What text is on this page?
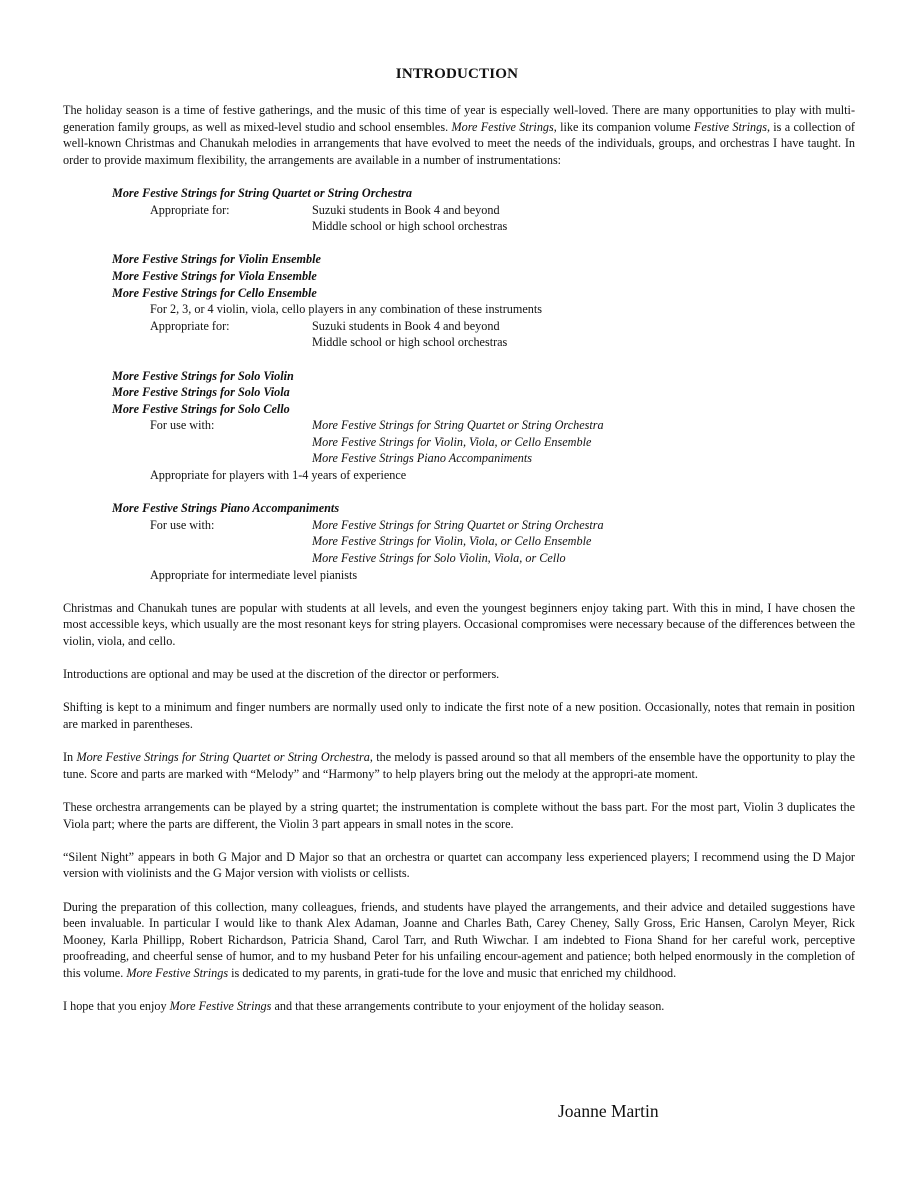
INTRODUCTION

The holiday season is a time of festive gatherings, and the music of this time of year is especially well-loved. There are many opportunities to play with multi-generation family groups, as well as mixed-level studio and school ensembles. More Festive Strings, like its companion volume Festive Strings, is a collection of well-known Christmas and Chanukah melodies in arrangements that have evolved to meet the needs of the individuals, groups, and orchestras I have taught. In order to provide maximum flexibility, the arrangements are available in a number of instrumentations:

More Festive Strings for String Quartet or String Orchestra
Appropriate for:	Suzuki students in Book 4 and beyond
Middle school or high school orchestras
More Festive Strings for Violin Ensemble
More Festive Strings for Viola Ensemble
More Festive Strings for Cello Ensemble
For 2, 3, or 4 violin, viola, cello players in any combination of these instruments
Appropriate for:	Suzuki students in Book 4 and beyond
Middle school or high school orchestras
More Festive Strings for Solo Violin
More Festive Strings for Solo Viola
More Festive Strings for Solo Cello
For use with:	More Festive Strings for String Quartet or String Orchestra
More Festive Strings for Violin, Viola, or Cello Ensemble
More Festive Strings Piano Accompaniments
Appropriate for players with 1-4 years of experience
More Festive Strings Piano Accompaniments
For use with:	More Festive Strings for String Quartet or String Orchestra
More Festive Strings for Violin, Viola, or Cello Ensemble
More Festive Strings for Solo Violin, Viola, or Cello
Appropriate for intermediate level pianists

Christmas and Chanukah tunes are popular with students at all levels, and even the youngest beginners enjoy taking part. With this in mind, I have chosen the most accessible keys, which usually are the most resonant keys for string players. Occasional compromises were necessary because of the differences between the violin, viola, and cello.

Introductions are optional and may be used at the discretion of the director or performers.

Shifting is kept to a minimum and finger numbers are normally used only to indicate the first note of a new position. Occasionally, notes that remain in position are marked in parentheses.

In More Festive Strings for String Quartet or String Orchestra, the melody is passed around so that all members of the ensemble have the opportunity to play the tune. Score and parts are marked with “Melody” and “Harmony” to help players bring out the melody at the appropri-ate moment.

These orchestra arrangements can be played by a string quartet; the instrumentation is complete without the bass part. For the most part, Violin 3 duplicates the Viola part; where the parts are different, the Violin 3 part appears in small notes in the score.

“Silent Night” appears in both G Major and D Major so that an orchestra or quartet can accompany less experienced players; I recommend using the D Major version with violinists and the G Major version with violists or cellists.

During the preparation of this collection, many colleagues, friends, and students have played the arrangements, and their advice and detailed suggestions have been invaluable. In particular I would like to thank Alex Adaman, Joanne and Charles Bath, Carey Cheney, Sally Gross, Eric Hansen, Carolyn Meyer, Rick Mooney, Karla Phillipp, Robert Richardson, Patricia Shand, Carol Tarr, and Ruth Wiwchar. I am indebted to Fiona Shand for her careful work, perceptive proofreading, and cheerful sense of humor, and to my husband Peter for his unfailing encour-agement and patience; both helped enormously in the completion of this volume. More Festive Strings is dedicated to my parents, in grati-tude for the love and music that enriched my childhood.

I hope that you enjoy More Festive Strings and that these arrangements contribute to your enjoyment of the holiday season.

Joanne Martin
